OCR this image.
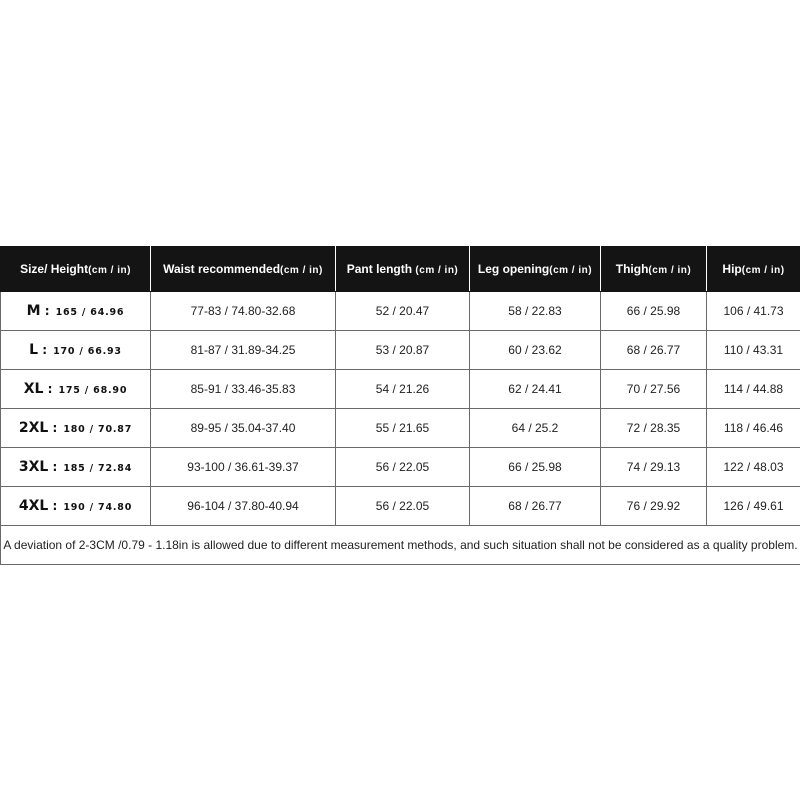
Size/ Height(cm / in)	Waist recommended(cm / in)	Pant length (cm / in)	Leg opening(cm / in)	Thigh(cm / in)	Hip(cm / in)
M : 165 / 64.96	77-83 / 74.80-32.68	52 / 20.47	58 / 22.83	66 / 25.98	106 / 41.73
L : 170 / 66.93	81-87 / 31.89-34.25	53 / 20.87	60 / 23.62	68 / 26.77	110 / 43.31
XL : 175 / 68.90	85-91 / 33.46-35.83	54 / 21.26	62 / 24.41	70 / 27.56	114 / 44.88
2XL : 180 / 70.87	89-95 / 35.04-37.40	55 / 21.65	64 / 25.2	72 / 28.35	118 / 46.46
3XL : 185 / 72.84	93-100 / 36.61-39.37	56 / 22.05	66 / 25.98	74 / 29.13	122 / 48.03
4XL : 190 / 74.80	96-104 / 37.80-40.94	56 / 22.05	68 / 26.77	76 / 29.92	126 / 49.61
A deviation of 2-3CM /0.79 - 1.18in is allowed due to different measurement methods, and such situation shall not be considered as a quality problem.					
